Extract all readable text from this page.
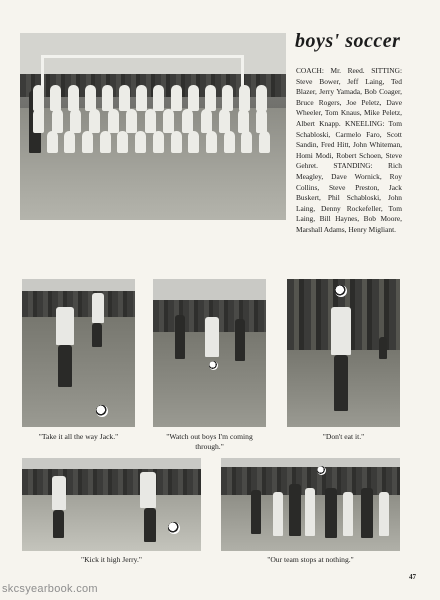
boys' soccer
COACH: Mr. Reed. SITTING: Steve Bower, Jeff Laing, Ted Blazer, Jerry Yamada, Bob Coager, Bruce Rogers, Joe Peletz, Dave Wheeler, Tom Knaus, Mike Peletz, Albert Knapp. KNEELING: Tom Schabloski, Carmelo Faro, Scott Sandin, Fred Hitt, John Whiteman, Homi Modi, Robert Schoen, Steve Gehret. STANDING: Rich Meagley, Dave Wornick, Roy Collins, Steve Preston, Jack Buskert, Phil Schabloski, John Laing, Denny Rockefeller, Tom Laing, Bill Haynes, Bob Moore, Marshall Adams, Henry Migliant.
"Take it all the way Jack."	"Watch out boys I'm coming through."
"Don't eat it."
"Kick it high Jerry."	"Our team stops at nothing."
skcsyearbook.com
47
